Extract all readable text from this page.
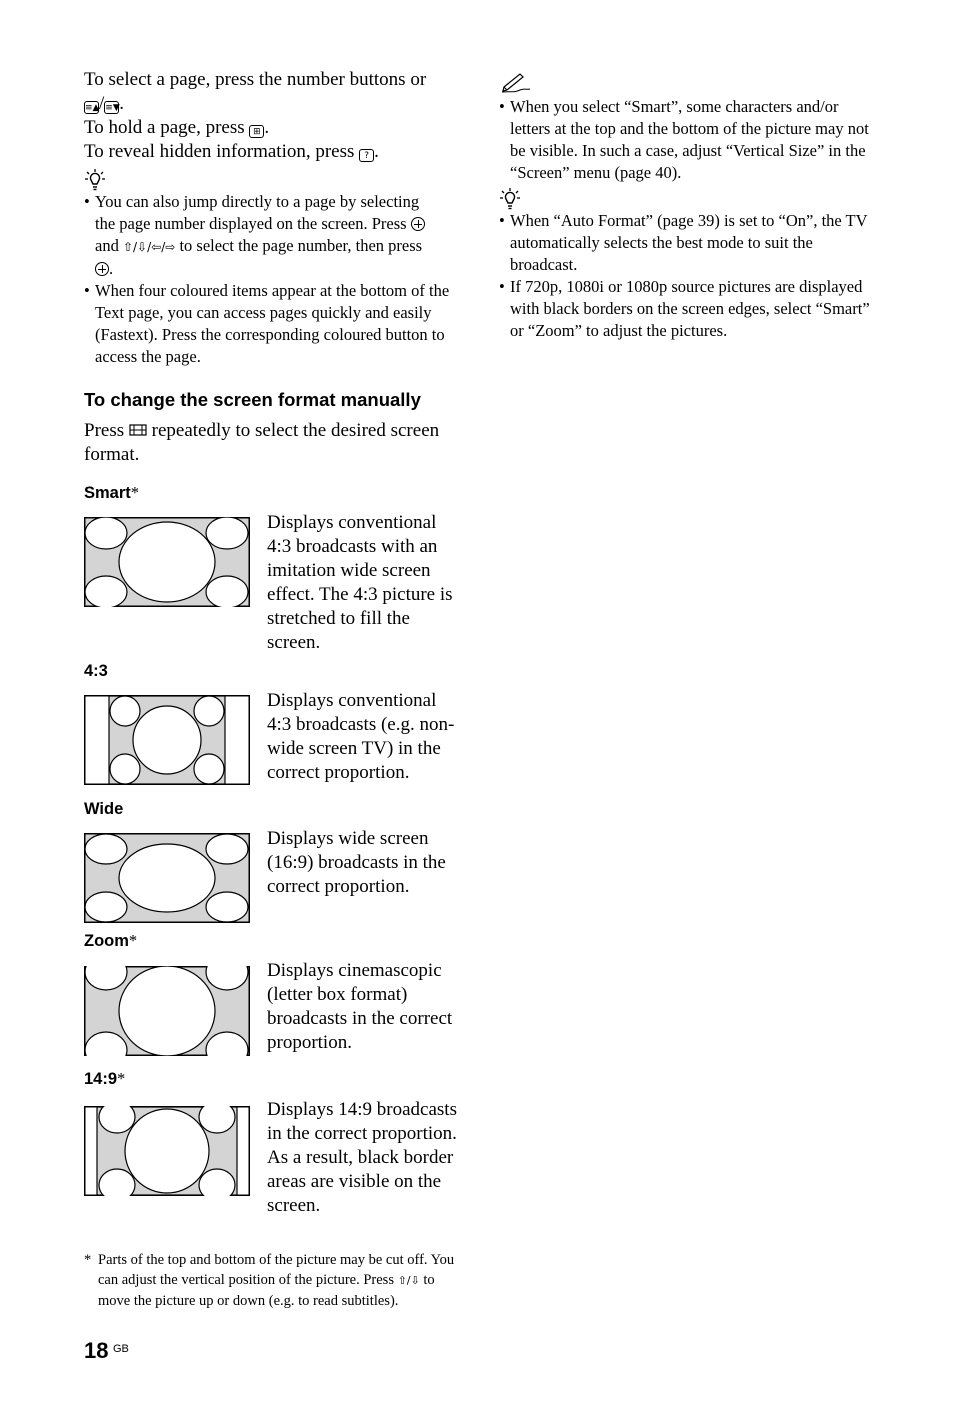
To select a page, press the number buttons or
≡▲/≡▼.
To hold a page, press ⊞ .
To reveal hidden information, press ? .
• You can also jump directly to a page by selecting
the page number displayed on the screen. Press
and ⇧/⇩/⇦/⇨ to select the page number, then press
.
• When four coloured items appear at the bottom of the Text page, you can access pages quickly and easily (Fastext). Press the corresponding coloured button to access the page.
To change the screen format manually
Press repeatedly to select the desired screen format.
Smart*
Displays conventional 4:3 broadcasts with an imitation wide screen effect. The 4:3 picture is stretched to fill the screen.
4:3
Displays conventional 4:3 broadcasts (e.g. non-wide screen TV) in the correct proportion.
Wide
Displays wide screen (16:9) broadcasts in the correct proportion.
Zoom*
Displays cinemascopic (letter box format) broadcasts in the correct proportion.
14:9*
Displays 14:9 broadcasts in the correct proportion. As a result, black border areas are visible on the screen.
* Parts of the top and bottom of the picture may be cut off. You can adjust the vertical position of the picture. Press ⇧/⇩ to move the picture up or down (e.g. to read subtitles).
18 $^{GB}$
• When you select “Smart”, some characters and/or letters at the top and the bottom of the picture may not be visible. In such a case, adjust “Vertical Size” in the “Screen” menu (page 40).
• When “Auto Format” (page 39) is set to “On”, the TV automatically selects the best mode to suit the broadcast.
• If 720p, 1080i or 1080p source pictures are displayed with black borders on the screen edges, select “Smart” or “Zoom” to adjust the pictures.
